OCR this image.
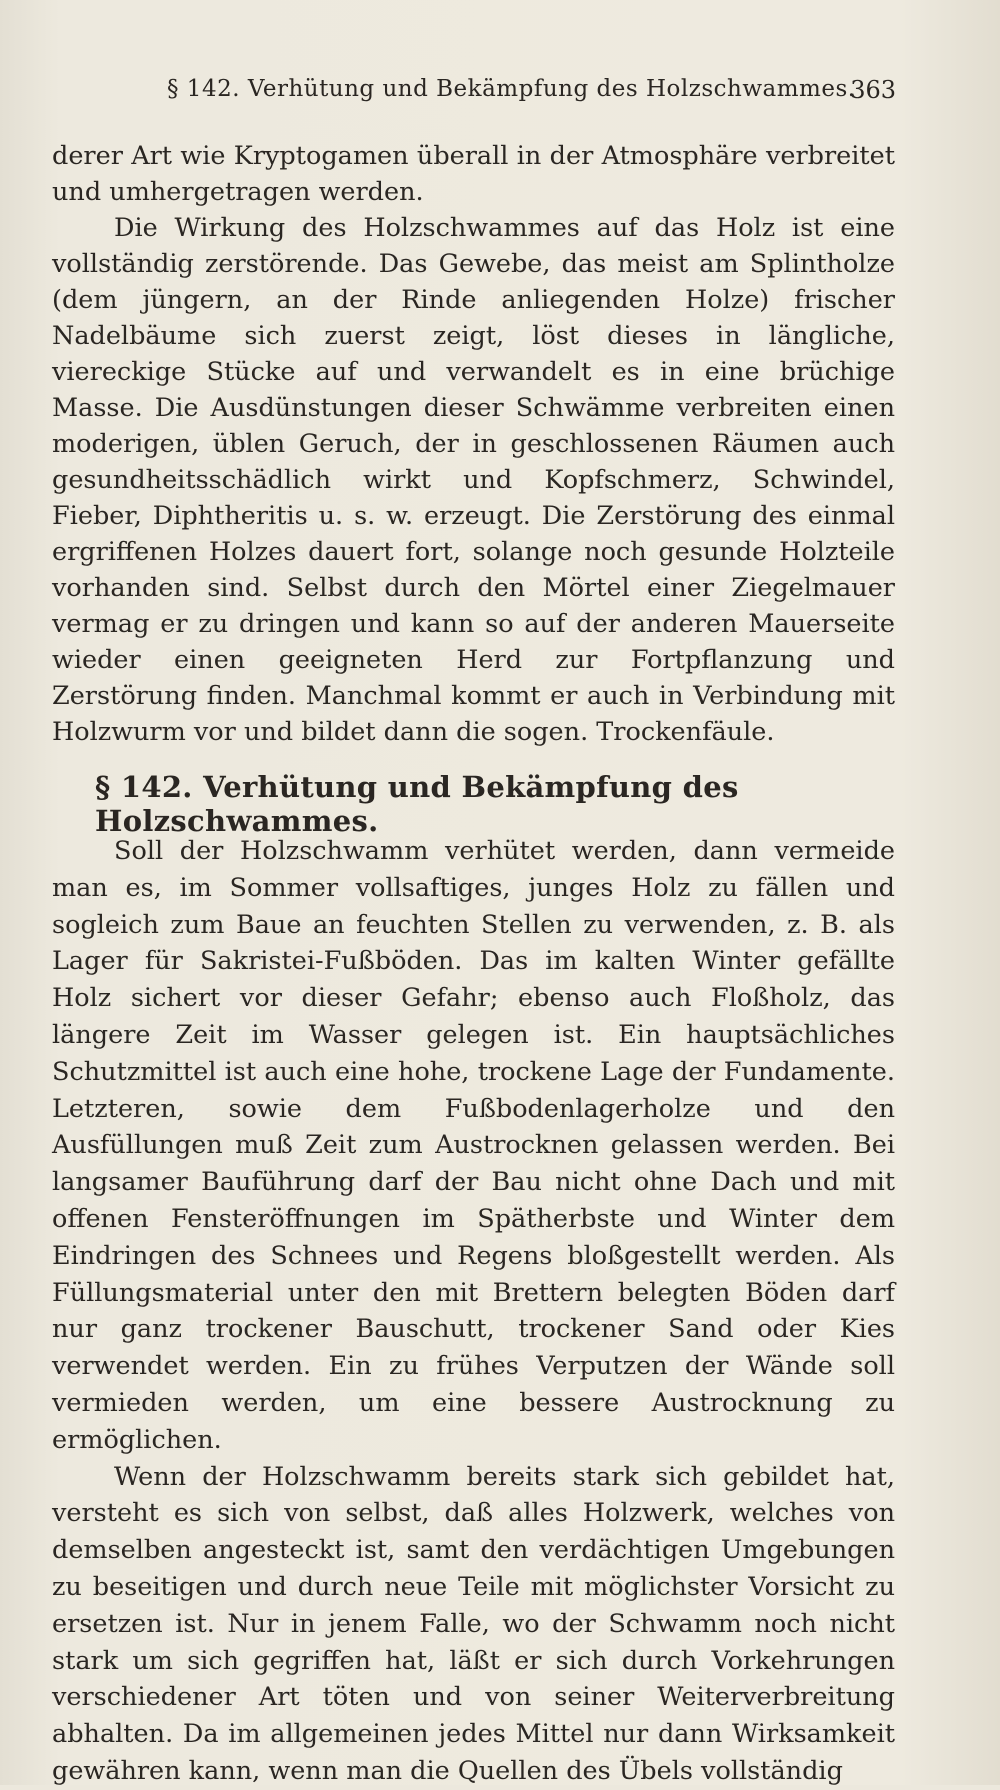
§ 142. Verhütung und Bekämpfung des Holzschwammes.
363

derer Art wie Kryptogamen überall in der Atmosphäre verbreitet und umhergetragen werden.

Die Wirkung des Holzschwammes auf das Holz ist eine vollständig zerstörende. Das Gewebe, das meist am Splintholze (dem jüngern, an der Rinde anliegenden Holze) frischer Nadelbäume sich zuerst zeigt, löst dieses in längliche, viereckige Stücke auf und verwandelt es in eine brüchige Masse. Die Ausdünstungen dieser Schwämme verbreiten einen moderigen, üblen Geruch, der in geschlossenen Räumen auch gesundheitsschädlich wirkt und Kopfschmerz, Schwindel, Fieber, Diphtheritis u. s. w. erzeugt. Die Zerstörung des einmal ergriffenen Holzes dauert fort, solange noch gesunde Holzteile vorhanden sind. Selbst durch den Mörtel einer Ziegelmauer vermag er zu dringen und kann so auf der anderen Mauerseite wieder einen geeigneten Herd zur Fortpflanzung und Zerstörung finden. Manchmal kommt er auch in Verbindung mit Holzwurm vor und bildet dann die sogen. Trockenfäule.

§ 142. Verhütung und Bekämpfung des Holzschwammes.

Soll der Holzschwamm verhütet werden, dann vermeide man es, im Sommer vollsaftiges, junges Holz zu fällen und sogleich zum Baue an feuchten Stellen zu verwenden, z. B. als Lager für Sakristei-Fußböden. Das im kalten Winter gefällte Holz sichert vor dieser Gefahr; ebenso auch Floßholz, das längere Zeit im Wasser gelegen ist. Ein hauptsächliches Schutzmittel ist auch eine hohe, trockene Lage der Fundamente. Letzteren, sowie dem Fußbodenlagerholze und den Ausfüllungen muß Zeit zum Austrocknen gelassen werden. Bei langsamer Bauführung darf der Bau nicht ohne Dach und mit offenen Fensteröffnungen im Spätherbste und Winter dem Eindringen des Schnees und Regens bloßgestellt werden. Als Füllungsmaterial unter den mit Brettern belegten Böden darf nur ganz trockener Bauschutt, trockener Sand oder Kies verwendet werden. Ein zu frühes Verputzen der Wände soll vermieden werden, um eine bessere Austrocknung zu ermöglichen.

Wenn der Holzschwamm bereits stark sich gebildet hat, versteht es sich von selbst, daß alles Holzwerk, welches von demselben angesteckt ist, samt den verdächtigen Umgebungen zu beseitigen und durch neue Teile mit möglichster Vorsicht zu ersetzen ist. Nur in jenem Falle, wo der Schwamm noch nicht stark um sich gegriffen hat, läßt er sich durch Vorkehrungen verschiedener Art töten und von seiner Weiterverbreitung abhalten. Da im allgemeinen jedes Mittel nur dann Wirksamkeit gewähren kann, wenn man die Quellen des Übels vollständig
